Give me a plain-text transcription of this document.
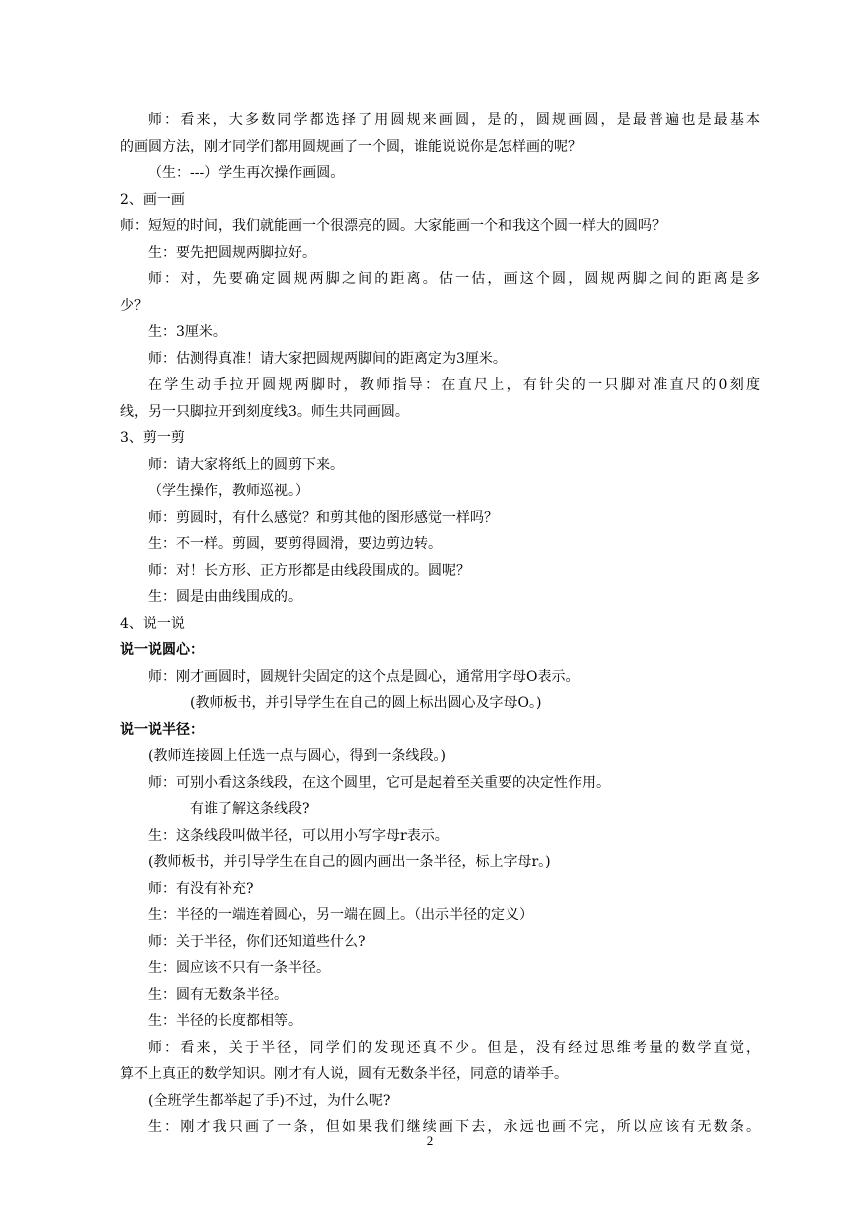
师：看来，大多数同学都选择了用圆规来画圆，是的，圆规画圆，是最普遍也是最基本
的画圆方法，刚才同学们都用圆规画了一个圆，谁能说说你是怎样画的呢？
（生：---）学生再次操作画圆。
2、画一画
师：短短的时间，我们就能画一个很漂亮的圆。大家能画一个和我这个圆一样大的圆吗？
生：要先把圆规两脚拉好。
师：对，先要确定圆规两脚之间的距离。估一估，画这个圆，圆规两脚之间的距离是多
少？
生：3厘米。
师：估测得真准！请大家把圆规两脚间的距离定为3厘米。
在学生动手拉开圆规两脚时，教师指导：在直尺上，有针尖的一只脚对准直尺的0刻度
线，另一只脚拉开到刻度线3。师生共同画圆。
3、剪一剪
师：请大家将纸上的圆剪下来。
（学生操作，教师巡视。）
师：剪圆时，有什么感觉？和剪其他的图形感觉一样吗？
生：不一样。剪圆，要剪得圆滑，要边剪边转。
师：对！长方形、正方形都是由线段围成的。圆呢？
生：圆是由曲线围成的。
4、说一说
说一说圆心：
师：刚才画圆时，圆规针尖固定的这个点是圆心，通常用字母O表示。
(教师板书，并引导学生在自己的圆上标出圆心及字母O。)
说一说半径：
(教师连接圆上任选一点与圆心，得到一条线段。)
师：可别小看这条线段，在这个圆里，它可是起着至关重要的决定性作用。
有谁了解这条线段?
生：这条线段叫做半径，可以用小写字母r表示。
(教师板书，并引导学生在自己的圆内画出一条半径，标上字母r。)
师：有没有补充?
生：半径的一端连着圆心，另一端在圆上。（出示半径的定义）
师：关于半径，你们还知道些什么?
生：圆应该不只有一条半径。
生：圆有无数条半径。
生：半径的长度都相等。
师：看来，关于半径，同学们的发现还真不少。但是，没有经过思维考量的数学直觉，
算不上真正的数学知识。刚才有人说，圆有无数条半径，同意的请举手。
(全班学生都举起了手)不过，为什么呢?
生：刚才我只画了一条，但如果我们继续画下去，永远也画不完，所以应该有无数条。
2
